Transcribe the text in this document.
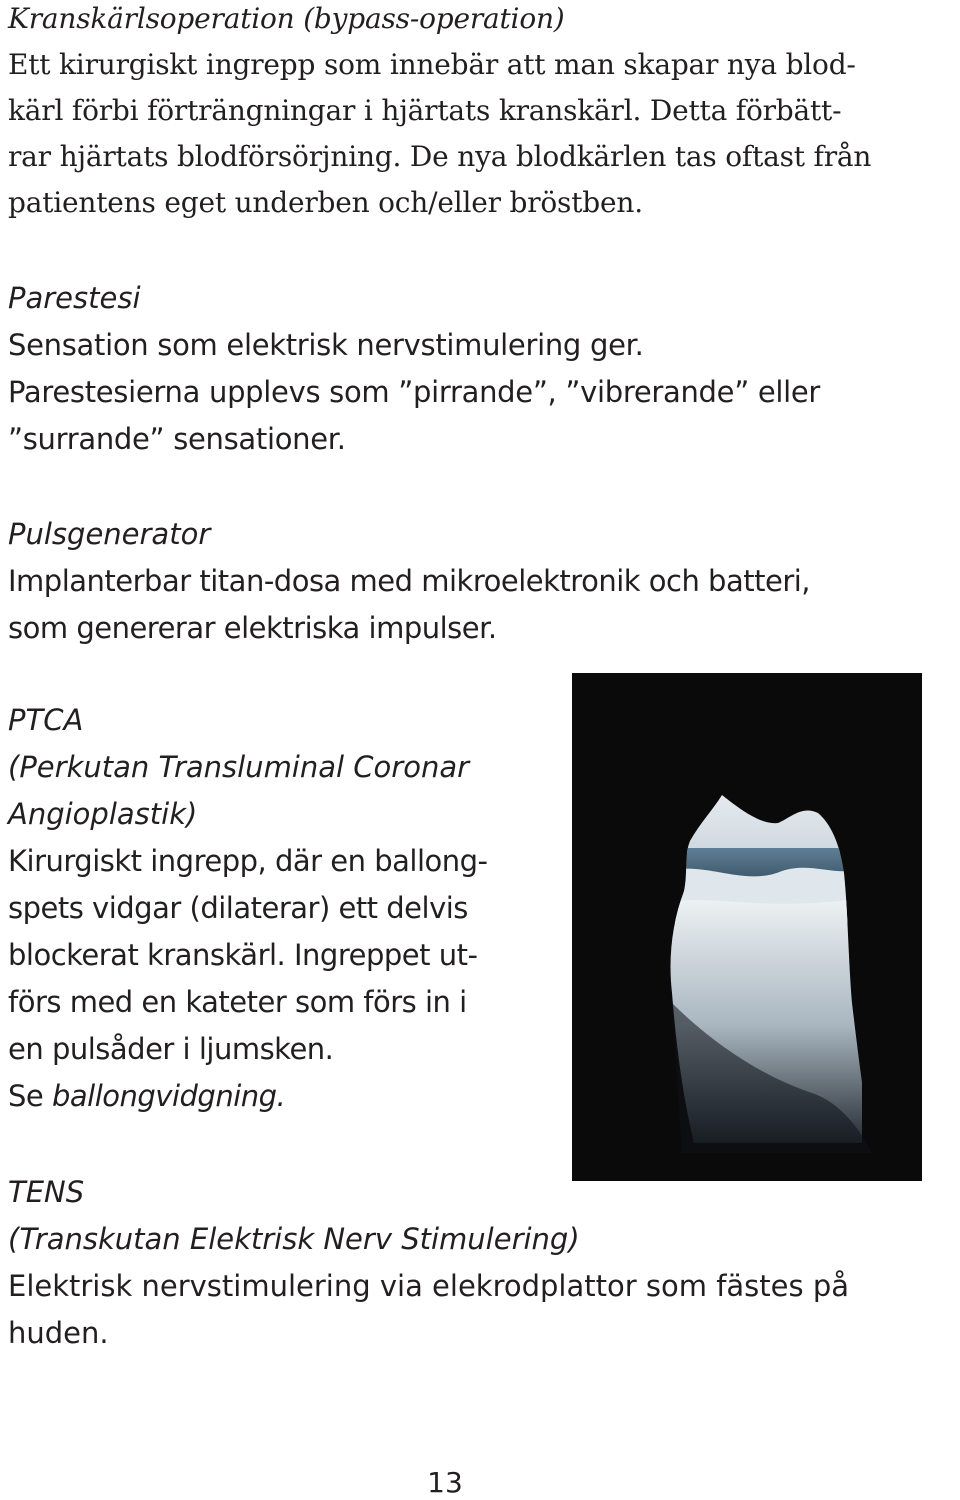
Kranskärlsoperation (bypass-operation)
Ett kirurgiskt ingrepp som innebär att man skapar nya blod-
kärl förbi förträngningar i hjärtats kranskärl. Detta förbätt-
rar hjärtats blodförsörjning. De nya blodkärlen tas oftast från
patientens eget underben och/eller bröstben.
Parestesi
Sensation som elektrisk nervstimulering ger.
Parestesierna upplevs som ”pirrande”, ”vibrerande” eller
”surrande” sensationer.
Pulsgenerator
Implanterbar titan-dosa med mikroelektronik och batteri,
som genererar elektriska impulser.
PTCA
(Perkutan Transluminal Coronar
Angioplastik)
Kirurgiskt ingrepp, där en ballong-
spets vidgar (dilaterar) ett delvis
blockerat kranskärl. Ingreppet ut-
förs med en kateter som förs in i
en pulsåder i ljumsken.
Se ballongvidgning.
TENS
(Transkutan Elektrisk Nerv Stimulering)
Elektrisk nervstimulering via elekrodplattor som fästes på
huden.
13
